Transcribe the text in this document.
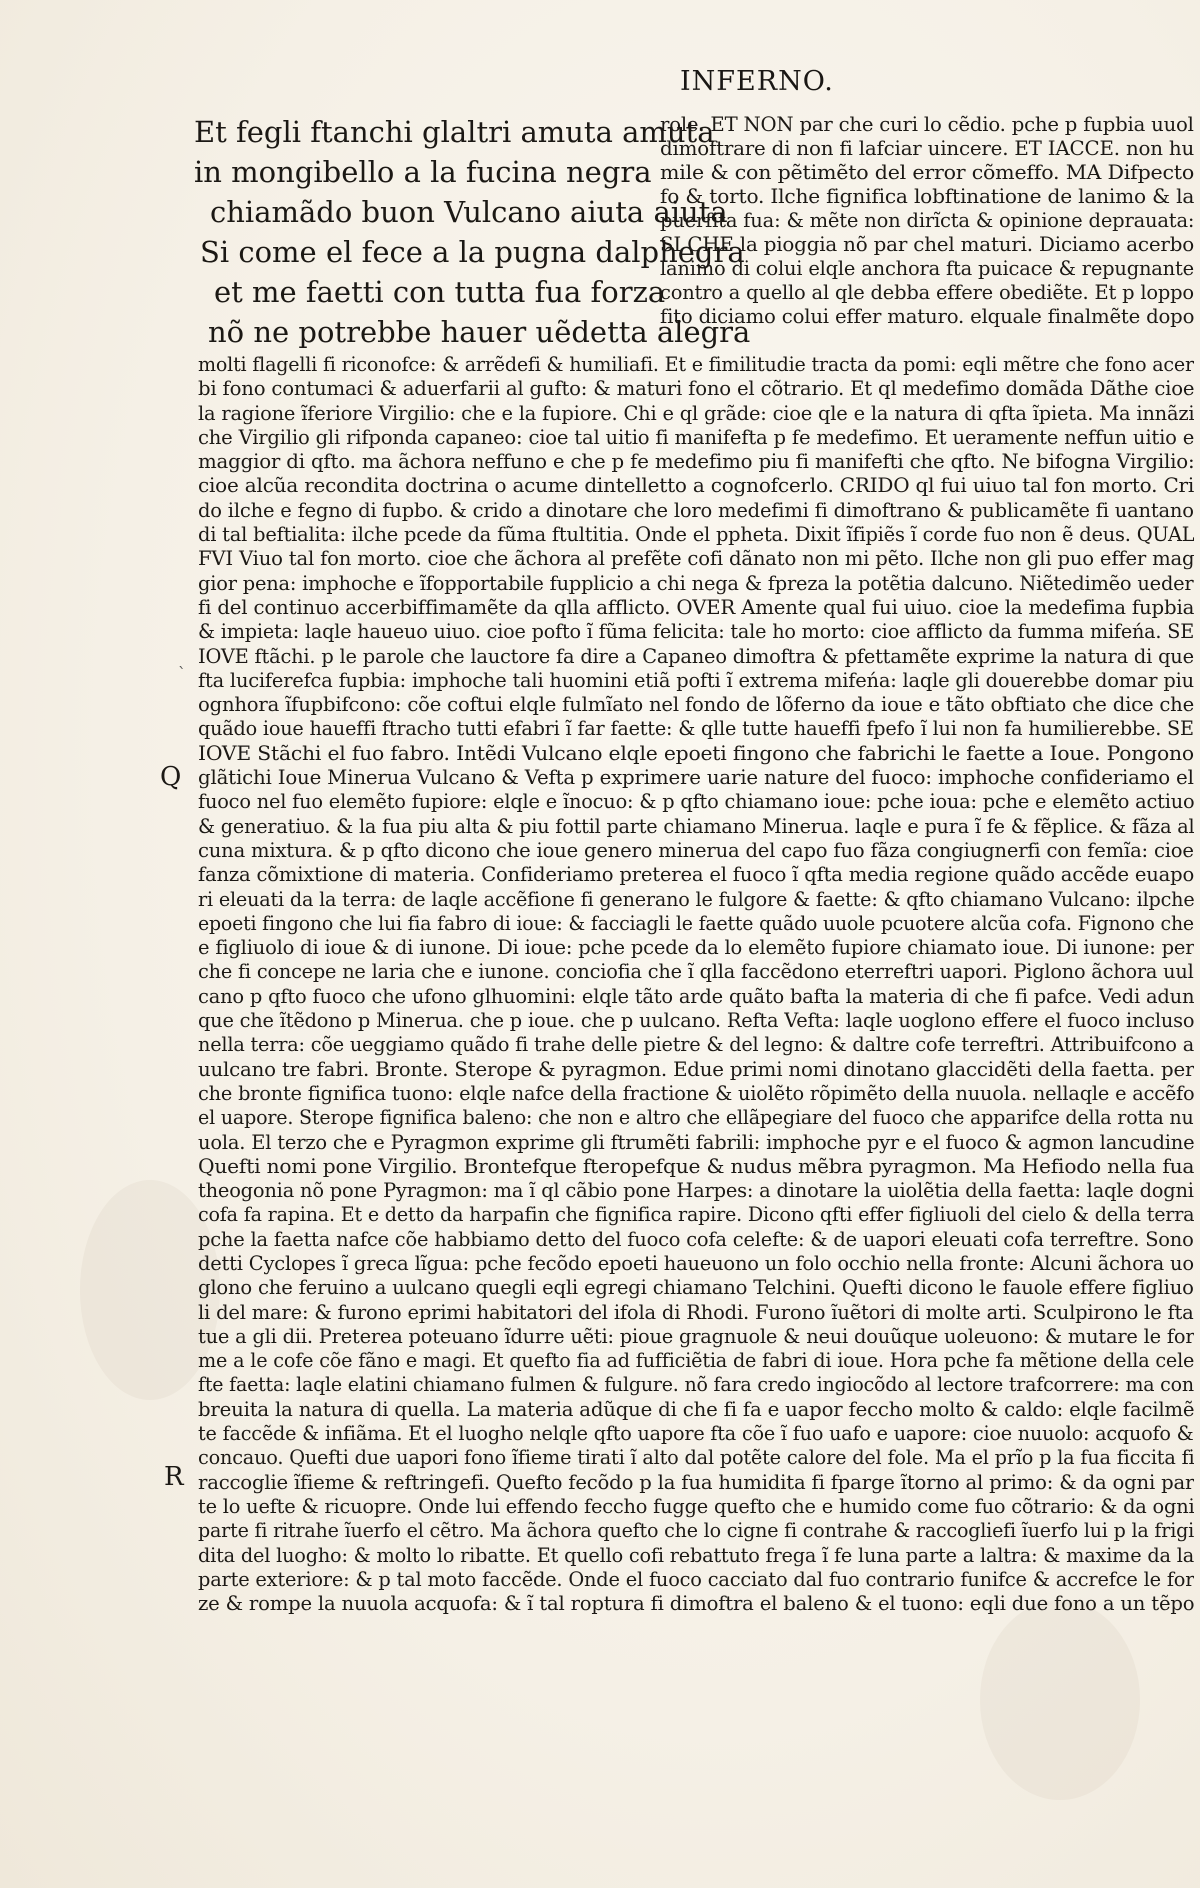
INFERNO.
Et fegli ftanchi glaltri amuta amuta
in mongibello a la fucina negra
chiamãdo buon Vulcano aiuta aiuta
Si come el fece a la pugna dalphegra
et me faetti con tutta fua forza
nõ ne potrebbe hauer uẽdetta alegra
role. ET NON par che curi lo cẽdio. pche p fupbia uuol
dimoftrare di non fi lafciar uincere. ET IACCE. non hu
mile & con pẽtimẽto del error cõmeffo. MA Difpecto
fo & torto. Ilche fignifica lobftinatione de lanimo & la
puerfita fua: & mẽte non dirĩcta & opinione deprauata:
SI CHE la pioggia nõ par chel maturi. Diciamo acerbo
lanimo di colui elqle anchora fta puicace & repugnante
contro a quello al qle debba effere obediẽte. Et p loppo
fito diciamo colui effer maturo. elquale finalmẽte dopo
`
Q
R
molti flagelli fi riconofce: & arrẽdefi & humiliafi. Et e fimilitudie tracta da pomi: eqli mẽtre che fono acer
bi fono contumaci & aduerfarii al gufto: & maturi fono el cõtrario. Et ql medefimo domãda Dãthe cioe
la ragione ĩferiore Virgilio: che e la fupiore. Chi e ql grãde: cioe qle e la natura di qfta ĩpieta. Ma innãzi
che Virgilio gli rifponda capaneo: cioe tal uitio fi manifefta p fe medefimo. Et ueramente neffun uitio e
maggior di qfto. ma ãchora neffuno e che p fe medefimo piu fi manifefti che qfto. Ne bifogna Virgilio:
cioe alcũa recondita doctrina o acume dintelletto a cognofcerlo. CRIDO ql fui uiuo tal fon morto. Cri
do ilche e fegno di fupbo. & crido a dinotare che loro medefimi fi dimoftrano & publicamẽte fi uantano
di tal beftialita: ilche pcede da fũma ftultitia. Onde el ppheta. Dixit ĩfipiẽs ĩ corde fuo non ẽ deus. QUAL
FVI Viuo tal fon morto. cioe che ãchora al prefẽte cofi dãnato non mi pẽto. Ilche non gli puo effer mag
gior pena: imphoche e ĩfopportabile fupplicio a chi nega & fpreza la potẽtia dalcuno. Niẽtedimẽo ueder
fi del continuo accerbiffimamẽte da qlla afflicto. OVER Amente qual fui uiuo. cioe la medefima fupbia
& impieta: laqle haueuo uiuo. cioe pofto ĩ fũma felicita: tale ho morto: cioe afflicto da fumma mifeńa. SE
IOVE ftãchi. p le parole che lauctore fa dire a Capaneo dimoftra & pfettamẽte exprime la natura di que
fta luciferefca fupbia: imphoche tali huomini etiã pofti ĩ extrema mifeńa: laqle gli douerebbe domar piu
ognhora ĩfupbifcono: cõe coftui elqle fulmĩato nel fondo de lõferno da ioue e tãto obftiato che dice che
quãdo ioue haueffi ftracho tutti efabri ĩ far faette: & qlle tutte haueffi fpefo ĩ lui non fa humilierebbe. SE
IOVE Stãchi el fuo fabro. Intẽdi Vulcano elqle epoeti fingono che fabrichi le faette a Ioue. Pongono
glãtichi Ioue Minerua Vulcano & Vefta p exprimere uarie nature del fuoco: imphoche confideriamo el
fuoco nel fuo elemẽto fupiore: elqle e ĩnocuo: & p qfto chiamano ioue: pche ioua: pche e elemẽto actiuo
& generatiuo. & la fua piu alta & piu fottil parte chiamano Minerua. laqle e pura ĩ fe & fẽplice. & fãza al
cuna mixtura. & p qfto dicono che ioue genero minerua del capo fuo fãza congiugnerfi con femĩa: cioe
fanza cõmixtione di materia. Confideriamo preterea el fuoco ĩ qfta media regione quãdo accẽde euapo
ri eleuati da la terra: de laqle accẽfione fi generano le fulgore & faette: & qfto chiamano Vulcano: ilpche
epoeti fingono che lui fia fabro di ioue: & facciagli le faette quãdo uuole pcuotere alcũa cofa. Fignono che
e figliuolo di ioue & di iunone. Di ioue: pche pcede da lo elemẽto fupiore chiamato ioue. Di iunone: per
che fi concepe ne laria che e iunone. conciofia che ĩ qlla faccẽdono eterreftri uapori. Piglono ãchora uul
cano p qfto fuoco che ufono glhuomini: elqle tãto arde quãto bafta la materia di che fi pafce. Vedi adun
que che ĩtẽdono p Minerua. che p ioue. che p uulcano. Refta Vefta: laqle uoglono effere el fuoco incluso
nella terra: cõe ueggiamo quãdo fi trahe delle pietre & del legno: & daltre cofe terreftri. Attribuifcono a
uulcano tre fabri. Bronte. Sterope & pyragmon. Edue primi nomi dinotano glaccidẽti della faetta. per
che bronte fignifica tuono: elqle nafce della fractione & uiolẽto rõpimẽto della nuuola. nellaqle e accẽfo
el uapore. Sterope fignifica baleno: che non e altro che ellãpegiare del fuoco che apparifce della rotta nu
uola. El terzo che e Pyragmon exprime gli ftrumẽti fabrili: imphoche pyr e el fuoco & agmon lancudine
Quefti nomi pone Virgilio. Brontefque fteropefque & nudus mẽbra pyragmon. Ma Hefiodo nella fua
theogonia nõ pone Pyragmon: ma ĩ ql cãbio pone Harpes: a dinotare la uiolẽtia della faetta: laqle dogni
cofa fa rapina. Et e detto da harpafin che fignifica rapire. Dicono qfti effer figliuoli del cielo & della terra
pche la faetta nafce cõe habbiamo detto del fuoco cofa celefte: & de uapori eleuati cofa terreftre. Sono
detti Cyclopes ĩ greca lĩgua: pche fecõdo epoeti haueuono un folo occhio nella fronte: Alcuni ãchora uo
glono che feruino a uulcano quegli eqli egregi chiamano Telchini. Quefti dicono le fauole effere figliuo
li del mare: & furono eprimi habitatori del ifola di Rhodi. Furono ĩuẽtori di molte arti. Sculpirono le fta
tue a gli dii. Preterea poteuano ĩdurre uẽti: pioue gragnuole & neui douũque uoleuono: & mutare le for
me a le cofe cõe fãno e magi. Et quefto fia ad fufficiẽtia de fabri di ioue. Hora pche fa mẽtione della cele
fte faetta: laqle elatini chiamano fulmen & fulgure. nõ fara credo ingiocõdo al lectore trafcorrere: ma con
breuita la natura di quella. La materia adũque di che fi fa e uapor feccho molto & caldo: elqle facilmẽ
te faccẽde & infiãma. Et el luogho nelqle qfto uapore fta cõe ĩ fuo uafo e uapore: cioe nuuolo: acquofo &
concauo. Quefti due uapori fono ĩfieme tirati ĩ alto dal potẽte calore del fole. Ma el prĩo p la fua ficcita fi
raccoglie ĩfieme & reftringefi. Quefto fecõdo p la fua humidita fi fparge ĩtorno al primo: & da ogni par
te lo uefte & ricuopre. Onde lui effendo feccho fugge quefto che e humido come fuo cõtrario: & da ogni
parte fi ritrahe ĩuerfo el cẽtro. Ma ãchora quefto che lo cigne fi contrahe & raccogliefi ĩuerfo lui p la frigi
dita del luogho: & molto lo ribatte. Et quello cofi rebattuto frega ĩ fe luna parte a laltra: & maxime da la
parte exteriore: & p tal moto faccẽde. Onde el fuoco cacciato dal fuo contrario funifce & accrefce le for
ze & rompe la nuuola acquofa: & ĩ tal roptura fi dimoftra el baleno & el tuono: eqli due fono a un tẽpo
